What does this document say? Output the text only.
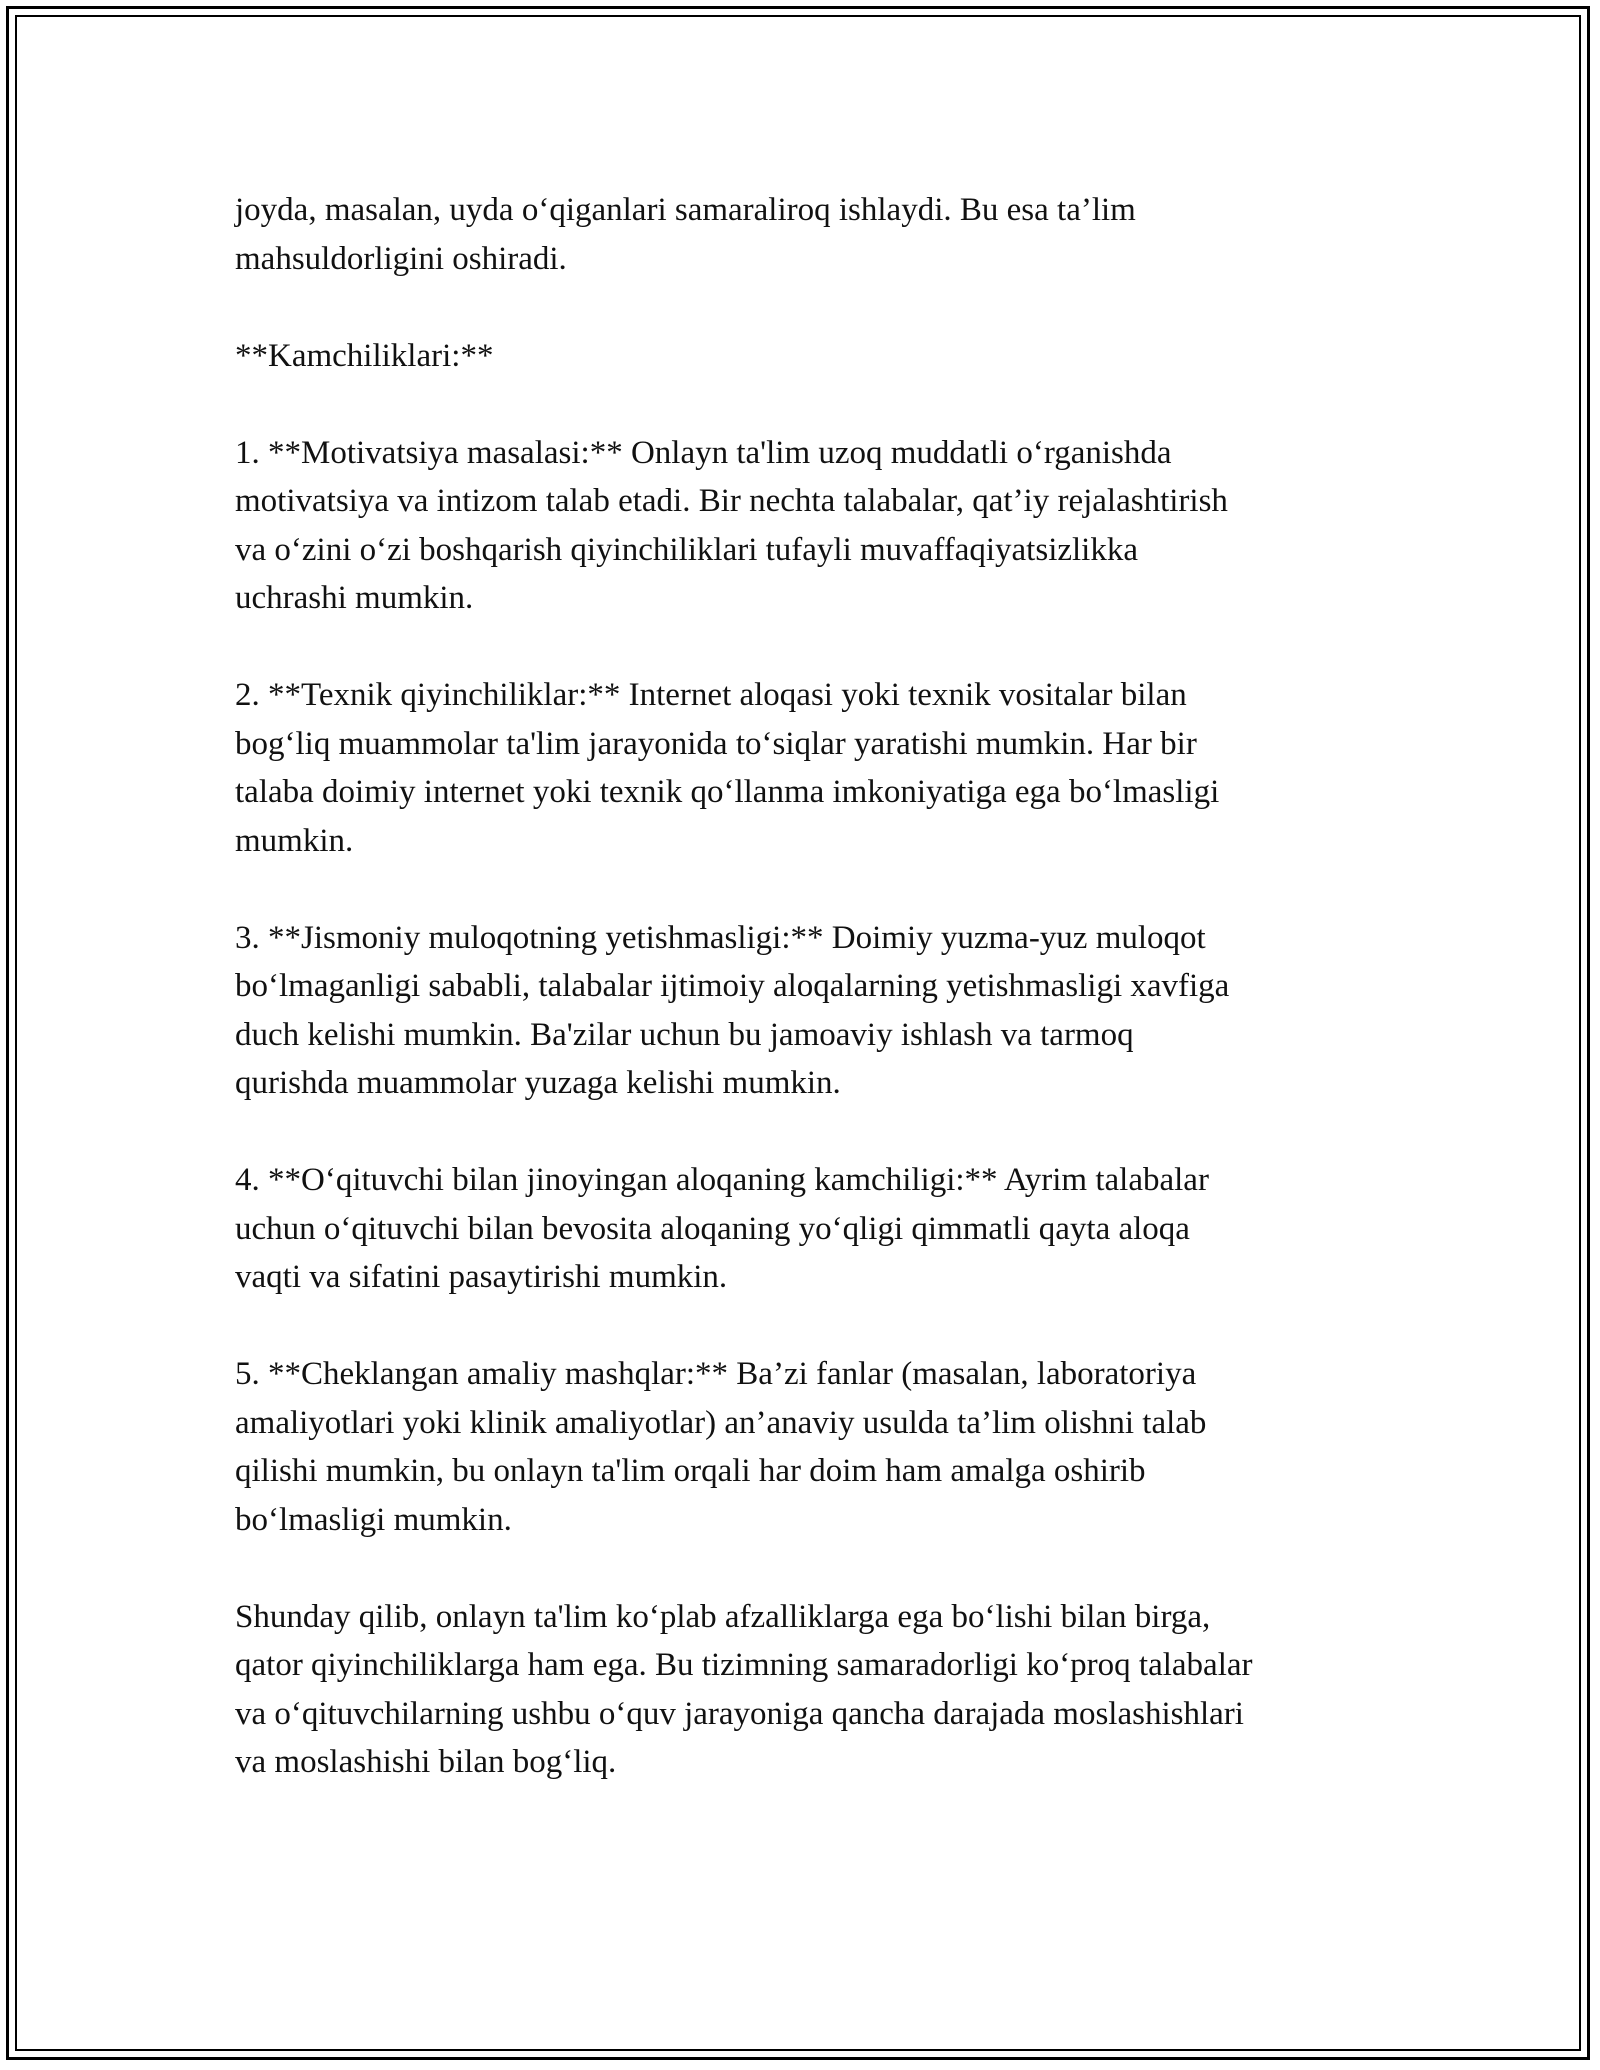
joyda, masalan, uyda o‘qiganlari samaraliroq ishlaydi. Bu esa ta’lim
mahsuldorligini oshiradi.

**Kamchiliklari:**

1. **Motivatsiya masalasi:** Onlayn ta'lim uzoq muddatli o‘rganishda
motivatsiya va intizom talab etadi. Bir nechta talabalar, qat’iy rejalashtirish
va o‘zini o‘zi boshqarish qiyinchiliklari tufayli muvaffaqiyatsizlikka
uchrashi mumkin.

2. **Texnik qiyinchiliklar:** Internet aloqasi yoki texnik vositalar bilan
bog‘liq muammolar ta'lim jarayonida to‘siqlar yaratishi mumkin. Har bir
talaba doimiy internet yoki texnik qo‘llanma imkoniyatiga ega bo‘lmasligi
mumkin.

3. **Jismoniy muloqotning yetishmasligi:** Doimiy yuzma-yuz muloqot
bo‘lmaganligi sababli, talabalar ijtimoiy aloqalarning yetishmasligi xavfiga
duch kelishi mumkin. Ba'zilar uchun bu jamoaviy ishlash va tarmoq
qurishda muammolar yuzaga kelishi mumkin.

4. **O‘qituvchi bilan jinoyingan aloqaning kamchiligi:** Ayrim talabalar
uchun o‘qituvchi bilan bevosita aloqaning yo‘qligi qimmatli qayta aloqa
vaqti va sifatini pasaytirishi mumkin.

5. **Cheklangan amaliy mashqlar:** Ba’zi fanlar (masalan, laboratoriya
amaliyotlari yoki klinik amaliyotlar) an’anaviy usulda ta’lim olishni talab
qilishi mumkin, bu onlayn ta'lim orqali har doim ham amalga oshirib
bo‘lmasligi mumkin.

Shunday qilib, onlayn ta'lim ko‘plab afzalliklarga ega bo‘lishi bilan birga,
qator qiyinchiliklarga ham ega. Bu tizimning samaradorligi ko‘proq talabalar
va o‘qituvchilarning ushbu o‘quv jarayoniga qancha darajada moslashishlari
va moslashishi bilan bog‘liq.
